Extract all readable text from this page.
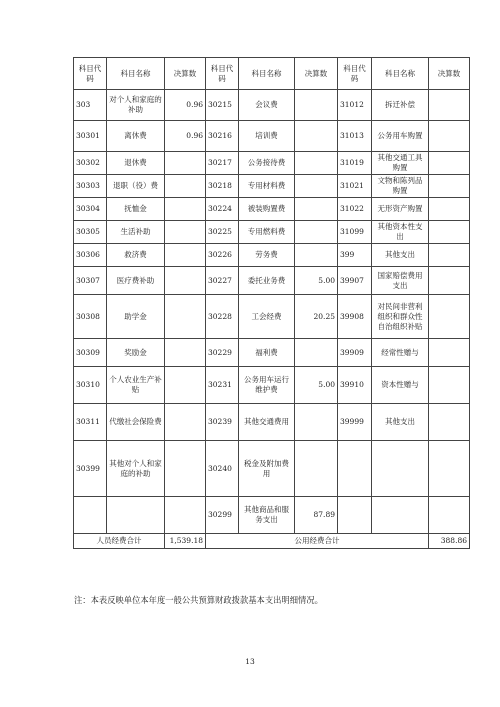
科目代码	科目名称	决算数	科目代码	科目名称	决算数	科目代码	科目名称	决算数
303	对个人和家庭的补助	0.96	30215	会议费		31012	拆迁补偿	
30301	离休费	0.96	30216	培训费		31013	公务用车购置	
30302	退休费		30217	公务接待费		31019	其他交通工具购置	
30303	退职（役）费		30218	专用材料费		31021	文物和陈列品购置	
30304	抚恤金		30224	被装购置费		31022	无形资产购置	
30305	生活补助		30225	专用燃料费		31099	其他资本性支出	
30306	救济费		30226	劳务费		399	其他支出	
30307	医疗费补助		30227	委托业务费	5.00	39907	国家赔偿费用支出	
30308	助学金		30228	工会经费	20.25	39908	对民间非营利组织和群众性自治组织补贴	
30309	奖励金		30229	福利费		39909	经常性赠与	
30310	个人农业生产补贴		30231	公务用车运行维护费	5.00	39910	资本性赠与	
30311	代缴社会保险费		30239	其他交通费用		39999	其他支出	
30399	其他对个人和家庭的补助		30240	税金及附加费用				
			30299	其他商品和服务支出	87.89			
人员经费合计		1,539.18	公用经费合计					388.86
注：本表反映单位本年度一般公共预算财政拨款基本支出明细情况。
13
